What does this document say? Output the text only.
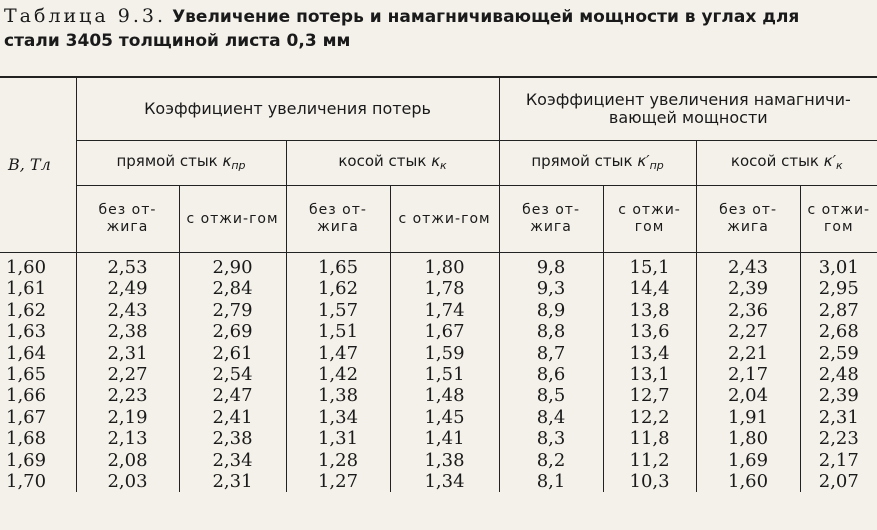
Таблица 9.3. Увеличение потерь и намагничивающей мощности в углах для
стали 3405 толщиной листа 0,3 мм
B, Тл	Коэффициент увеличения потерь				Коэффициент увеличения намагничи-вающей мощности			
	прямой стык $\kappa_{пр}$		косой стык $\kappa_к$		прямой стык $\kappa'_{пр}$		косой стык $\kappa'_к$
	без от-жига	с отжи-гом	без от-жига	с отжи-гом	без от-жига	с отжи-гом	без от-жига	с отжи-гом
1,60	2,53	2,90	1,65	1,80	9,8	15,1	2,43	3,01
1,61	2,49	2,84	1,62	1,78	9,3	14,4	2,39	2,95
1,62	2,43	2,79	1,57	1,74	8,9	13,8	2,36	2,87
1,63	2,38	2,69	1,51	1,67	8,8	13,6	2,27	2,68
1,64	2,31	2,61	1,47	1,59	8,7	13,4	2,21	2,59
1,65	2,27	2,54	1,42	1,51	8,6	13,1	2,17	2,48
1,66	2,23	2,47	1,38	1,48	8,5	12,7	2,04	2,39
1,67	2,19	2,41	1,34	1,45	8,4	12,2	1,91	2,31
1,68	2,13	2,38	1,31	1,41	8,3	11,8	1,80	2,23
1,69	2,08	2,34	1,28	1,38	8,2	11,2	1,69	2,17
1,70	2,03	2,31	1,27	1,34	8,1	10,3	1,60	2,07
